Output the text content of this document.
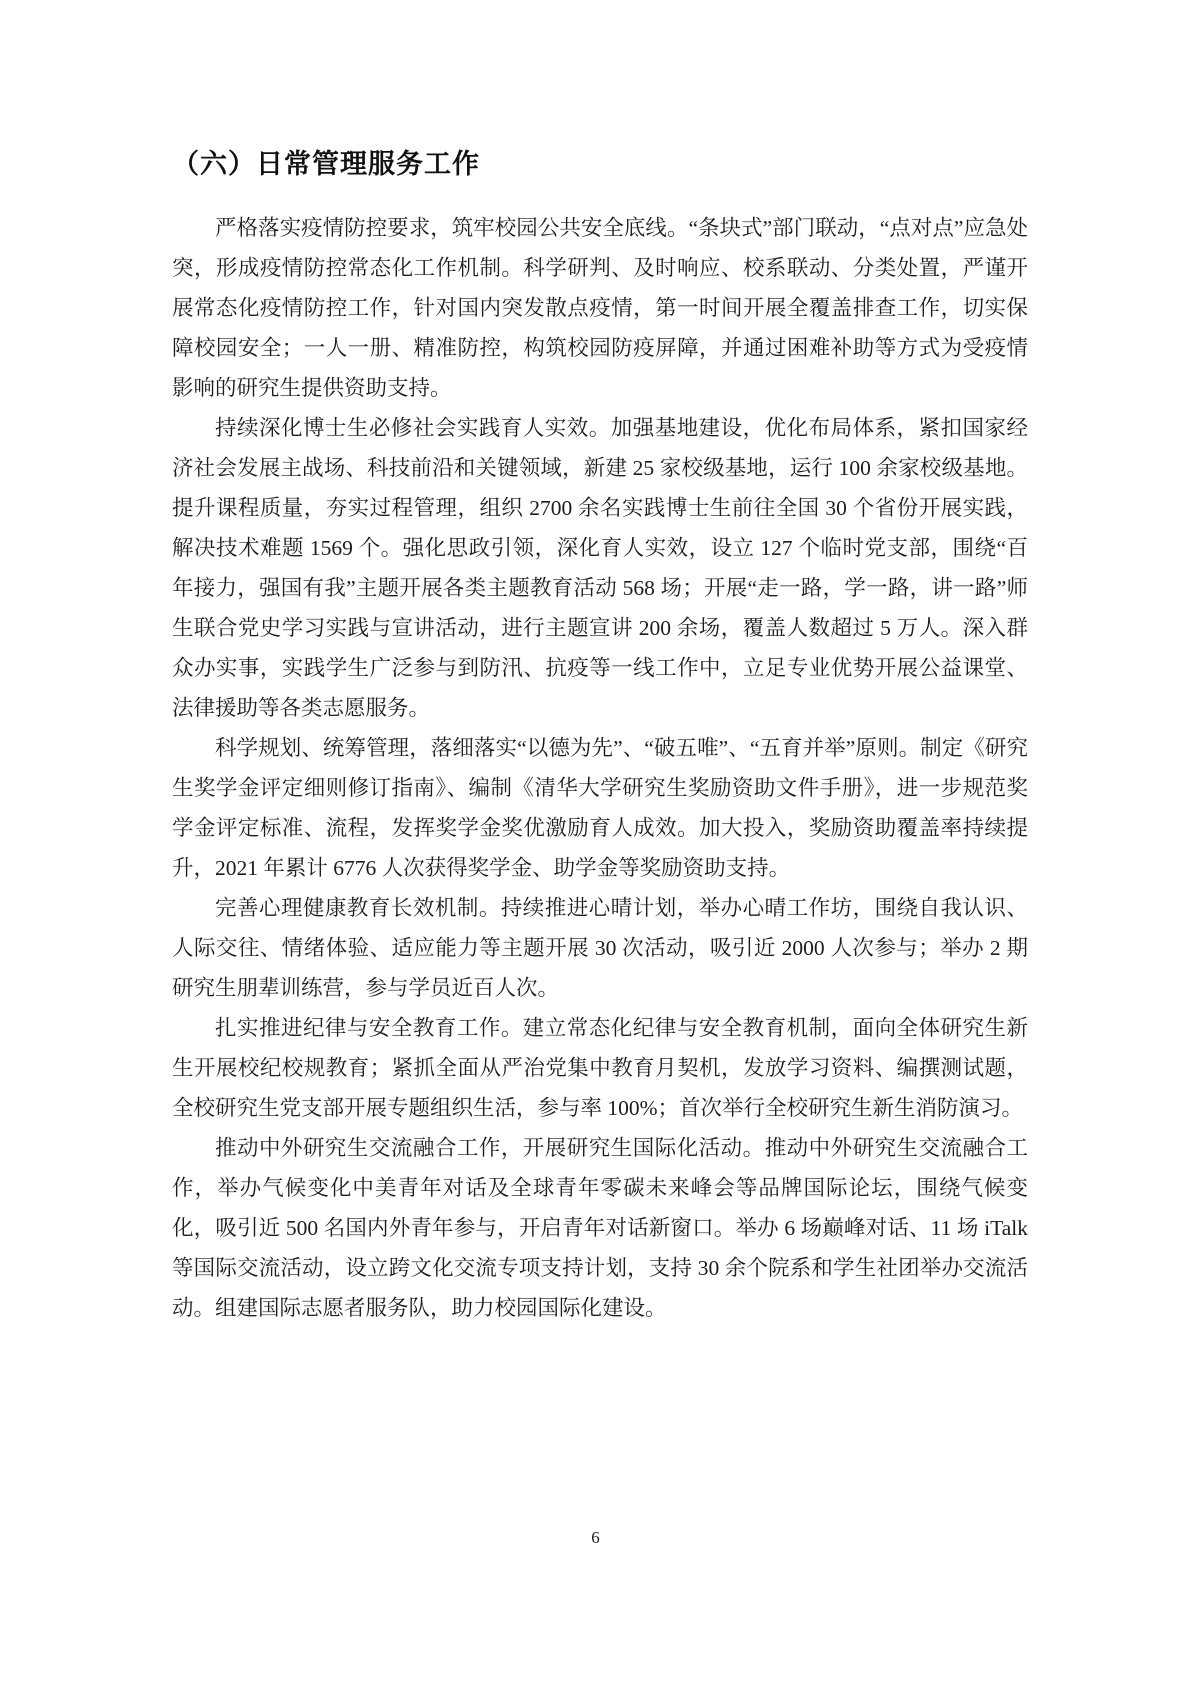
（六）日常管理服务工作

严格落实疫情防控要求，筑牢校园公共安全底线。“条块式”部门联动，“点对点”应急处突，形成疫情防控常态化工作机制。科学研判、及时响应、校系联动、分类处置，严谨开展常态化疫情防控工作，针对国内突发散点疫情，第一时间开展全覆盖排查工作，切实保障校园安全；一人一册、精准防控，构筑校园防疫屏障，并通过困难补助等方式为受疫情影响的研究生提供资助支持。

持续深化博士生必修社会实践育人实效。加强基地建设，优化布局体系，紧扣国家经济社会发展主战场、科技前沿和关键领域，新建 25 家校级基地，运行 100 余家校级基地。提升课程质量，夯实过程管理，组织 2700 余名实践博士生前往全国 30 个省份开展实践，解决技术难题 1569 个。强化思政引领，深化育人实效，设立 127 个临时党支部，围绕“百年接力，强国有我”主题开展各类主题教育活动 568 场；开展“走一路，学一路，讲一路”师生联合党史学习实践与宣讲活动，进行主题宣讲 200 余场，覆盖人数超过 5 万人。深入群众办实事，实践学生广泛参与到防汛、抗疫等一线工作中，立足专业优势开展公益课堂、法律援助等各类志愿服务。

科学规划、统筹管理，落细落实“以德为先”、“破五唯”、“五育并举”原则。制定《研究生奖学金评定细则修订指南》、编制《清华大学研究生奖励资助文件手册》，进一步规范奖学金评定标准、流程，发挥奖学金奖优激励育人成效。加大投入，奖励资助覆盖率持续提升，2021 年累计 6776 人次获得奖学金、助学金等奖励资助支持。

完善心理健康教育长效机制。持续推进心晴计划，举办心晴工作坊，围绕自我认识、人际交往、情绪体验、适应能力等主题开展 30 次活动，吸引近 2000 人次参与；举办 2 期研究生朋辈训练营，参与学员近百人次。

扎实推进纪律与安全教育工作。建立常态化纪律与安全教育机制，面向全体研究生新生开展校纪校规教育；紧抓全面从严治党集中教育月契机，发放学习资料、编撰测试题，全校研究生党支部开展专题组织生活，参与率 100%；首次举行全校研究生新生消防演习。

推动中外研究生交流融合工作，开展研究生国际化活动。推动中外研究生交流融合工作，举办气候变化中美青年对话及全球青年零碳未来峰会等品牌国际论坛，围绕气候变化，吸引近 500 名国内外青年参与，开启青年对话新窗口。举办 6 场巅峰对话、11 场 iTalk 等国际交流活动，设立跨文化交流专项支持计划，支持 30 余个院系和学生社团举办交流活动。组建国际志愿者服务队，助力校园国际化建设。

6
